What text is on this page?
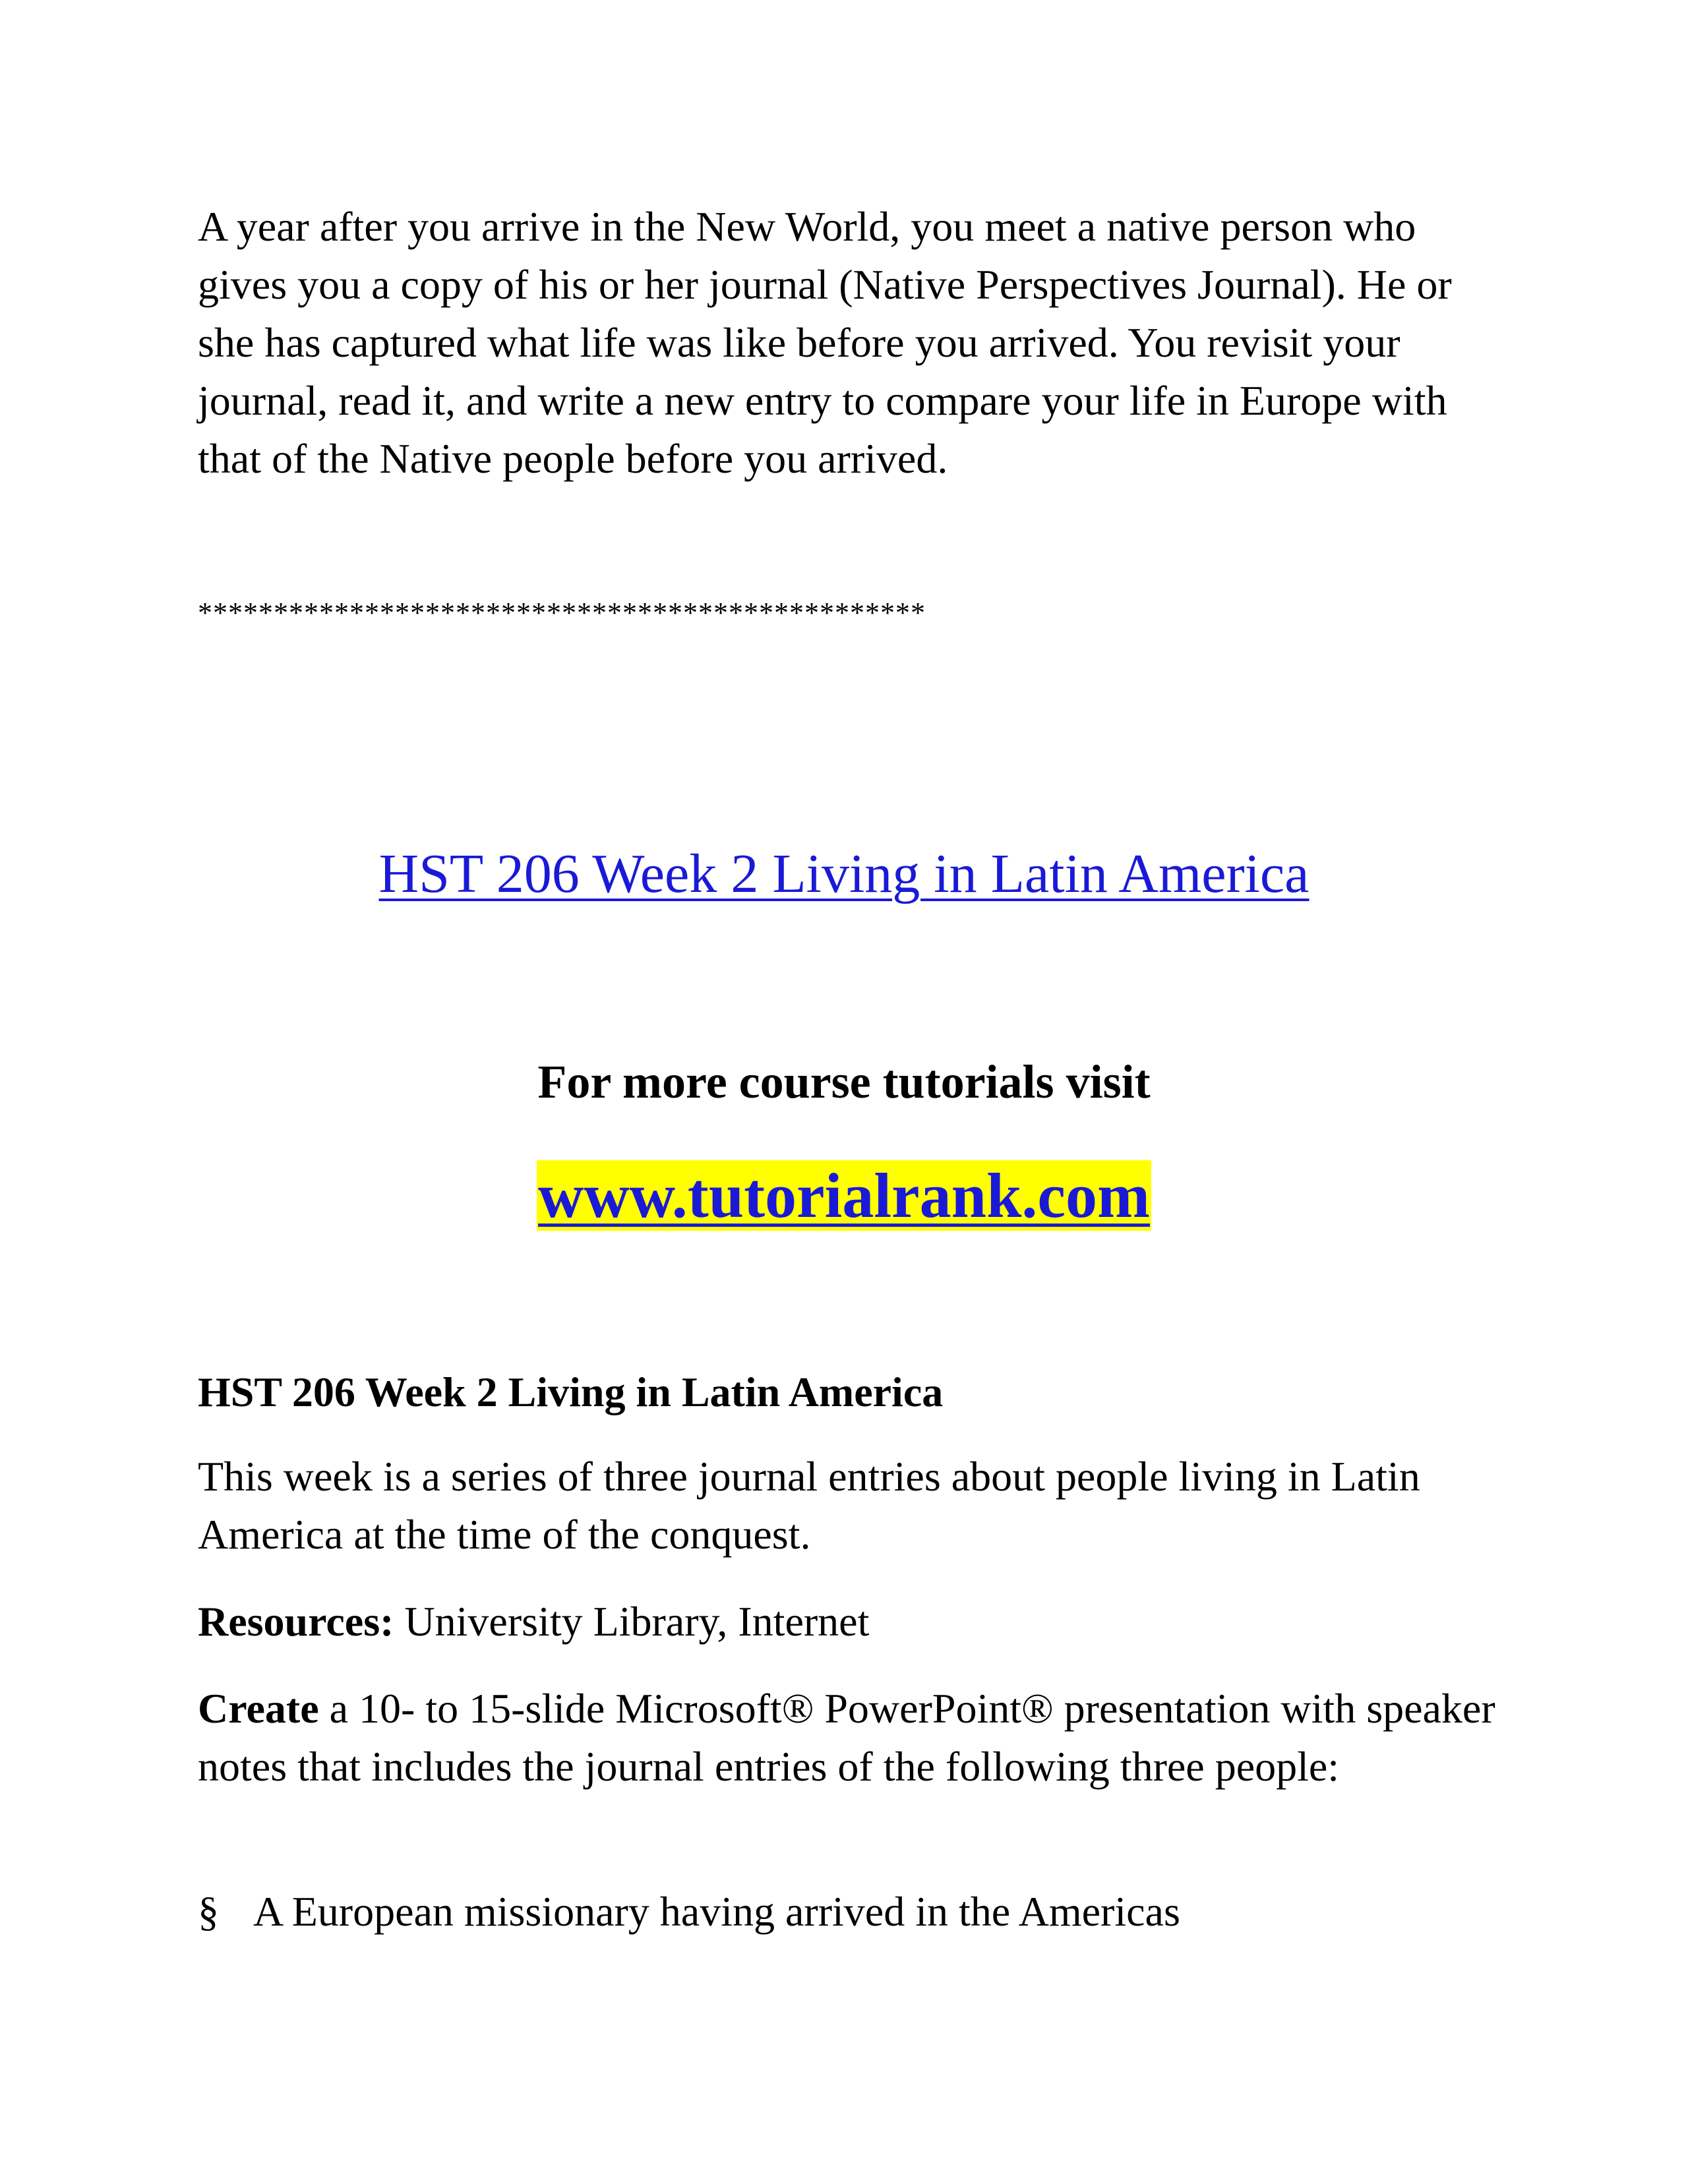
A year after you arrive in the New World, you meet a native person who gives you a copy of his or her journal (Native Perspectives Journal). He or she has captured what life was like before you arrived. You revisit your journal, read it, and write a new entry to compare your life in Europe with that of the Native people before you arrived.

************************************************
HST 206 Week 2 Living in Latin America
For more course tutorials visit
www.tutorialrank.com
HST 206 Week 2 Living in Latin America

This week is a series of three journal entries about people living in Latin America at the time of the conquest.

Resources: University Library, Internet

Create a 10- to 15-slide Microsoft® PowerPoint® presentation with speaker notes that includes the journal entries of the following three people:

§ A European missionary having arrived in the Americas
